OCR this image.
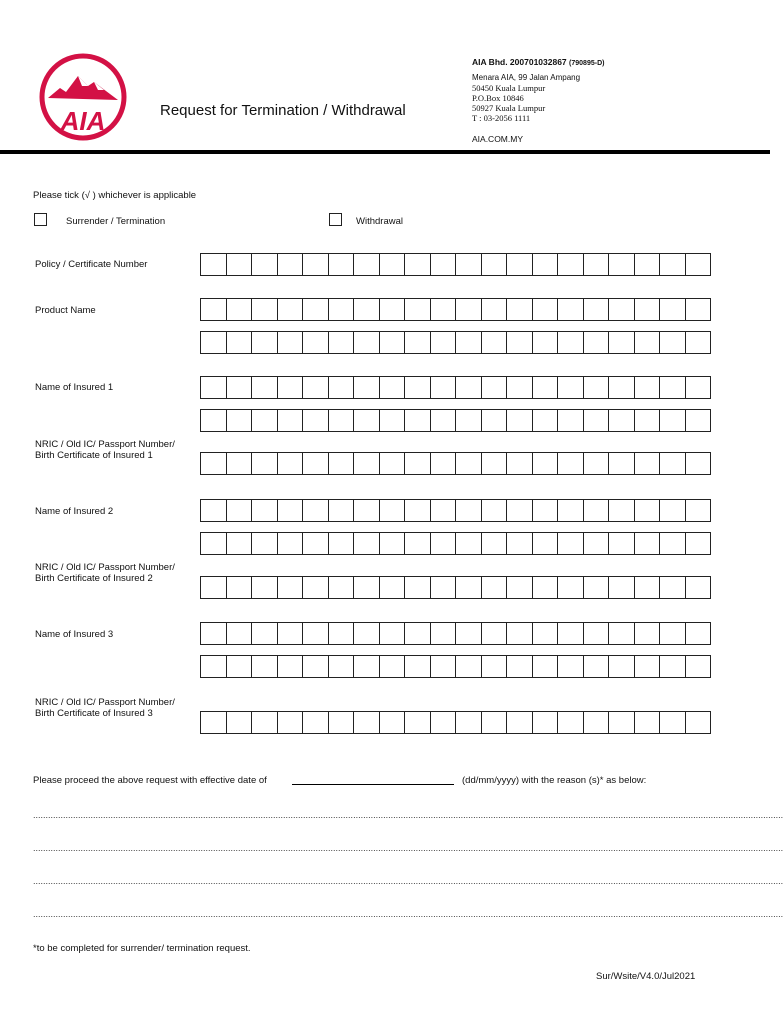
AIA	Request for Termination / Withdrawal
AIA Bhd. 200701032867 (790895-D)
Menara AIA, 99 Jalan Ampang
50450 Kuala Lumpur
P.O.Box 10846
50927 Kuala Lumpur
T : 03-2056 1111
AIA.COM.MY
Please tick (√ ) whichever is applicable
Surrender / Termination	Withdrawal
Policy / Certificate Number
Product Name
Name of Insured 1
NRIC / Old IC/ Passport Number/
Birth Certificate of Insured 1
Name of Insured 2
NRIC / Old IC/ Passport Number/
Birth Certificate of Insured 2
Name of Insured 3
NRIC / Old IC/ Passport Number/
Birth Certificate of Insured 3
Please proceed the above request with effective date of	(dd/mm/yyyy) with the reason (s)* as below:
............................................................................................................................................................................................................................................................................................................
............................................................................................................................................................................................................................................................................................................
............................................................................................................................................................................................................................................................................................................
............................................................................................................................................................................................................................................................................................................
*to be completed for surrender/ termination request.
Sur/Wsite/V4.0/Jul2021
